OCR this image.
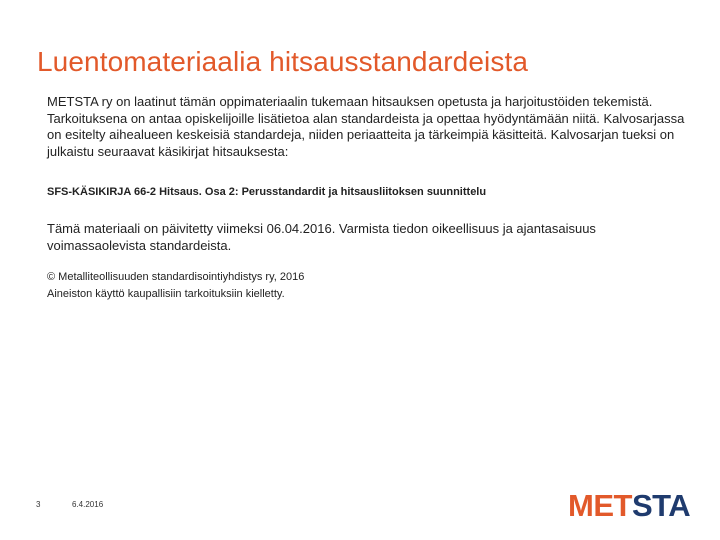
Luentomateriaalia hitsausstandardeista
METSTA ry on laatinut tämän oppimateriaalin tukemaan hitsauksen opetusta ja harjoitustöiden tekemistä. Tarkoituksena on antaa opiskelijoille lisätietoa alan standardeista ja opettaa hyödyntämään niitä. Kalvosarjassa on esitelty aihealueen keskeisiä standardeja, niiden periaatteita ja tärkeimpiä käsitteitä. Kalvosarjan tueksi on julkaistu seuraavat käsikirjat hitsauksesta:
SFS-KÄSIKIRJA 66-2 Hitsaus. Osa 2: Perusstandardit ja hitsausliitoksen suunnittelu
Tämä materiaali on päivitetty viimeksi 06.04.2016. Varmista tiedon oikeellisuus ja ajantasaisuus voimassaolevista standardeista.
© Metalliteollisuuden standardisointiyhdistys ry, 2016
Aineiston käyttö kaupallisiin tarkoituksiin kielletty.
3	6.4.2016	METSTA
